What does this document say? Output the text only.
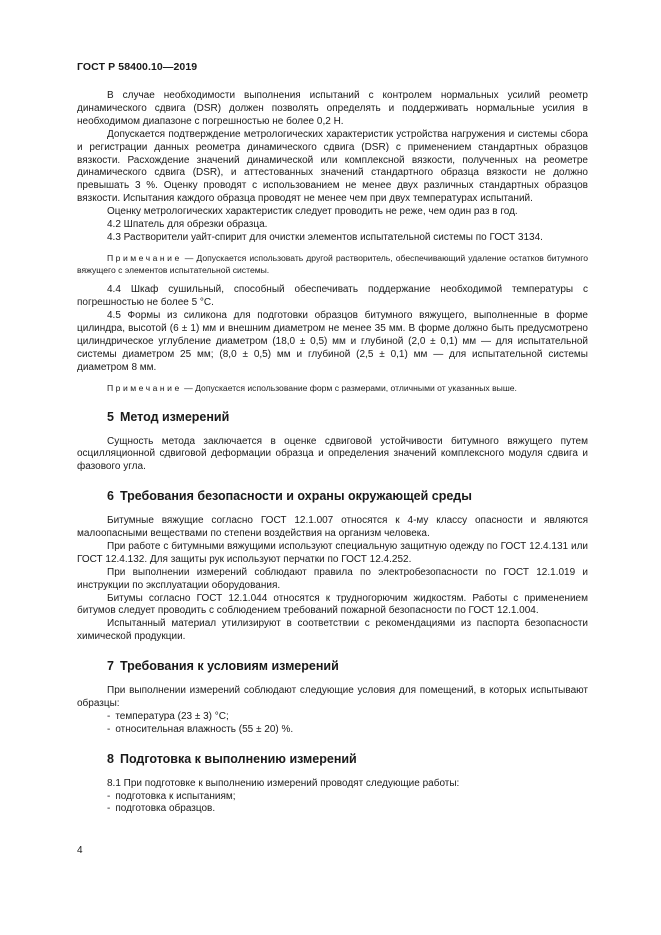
ГОСТ Р 58400.10—2019

В случае необходимости выполнения испытаний с контролем нормальных усилий реометр динамического сдвига (DSR) должен позволять определять и поддерживать нормальные усилия в необходимом диапазоне с погрешностью не более 0,2 Н.

Допускается подтверждение метрологических характеристик устройства нагружения и системы сбора и регистрации данных реометра динамического сдвига (DSR) с применением стандартных образцов вязкости. Расхождение значений динамической или комплексной вязкости, полученных на реометре динамического сдвига (DSR), и аттестованных значений стандартного образца вязкости не должно превышать 3 %. Оценку проводят с использованием не менее двух различных стандартных образцов вязкости. Испытания каждого образца проводят не менее чем при двух температурах испытаний.

Оценку метрологических характеристик следует проводить не реже, чем один раз в год.

4.2 Шпатель для обрезки образца.

4.3 Растворители уайт-спирит для очистки элементов испытательной системы по ГОСТ 3134.

Примечание — Допускается использовать другой растворитель, обеспечивающий удаление остатков битумного вяжущего с элементов испытательной системы.

4.4 Шкаф сушильный, способный обеспечивать поддержание необходимой температуры с погрешностью не более 5 °С.

4.5 Формы из силикона для подготовки образцов битумного вяжущего, выполненные в форме цилиндра, высотой (6 ± 1) мм и внешним диаметром не менее 35 мм. В форме должно быть предусмотрено цилиндрическое углубление диаметром (18,0 ± 0,5) мм и глубиной (2,0 ± 0,1) мм — для испытательной системы диаметром 25 мм; (8,0 ± 0,5) мм и глубиной (2,5 ± 0,1) мм — для испытательной системы диаметром 8 мм.

Примечание — Допускается использование форм с размерами, отличными от указанных выше.
5 Метод измерений

Сущность метода заключается в оценке сдвиговой устойчивости битумного вяжущего путем осцилляционной сдвиговой деформации образца и определения значений комплексного модуля сдвига и фазового угла.

6 Требования безопасности и охраны окружающей среды

Битумные вяжущие согласно ГОСТ 12.1.007 относятся к 4-му классу опасности и являются малоопасными веществами по степени воздействия на организм человека.

При работе с битумными вяжущими используют специальную защитную одежду по ГОСТ 12.4.131 или ГОСТ 12.4.132. Для защиты рук используют перчатки по ГОСТ 12.4.252.

При выполнении измерений соблюдают правила по электробезопасности по ГОСТ 12.1.019 и инструкции по эксплуатации оборудования.

Битумы согласно ГОСТ 12.1.044 относятся к трудногорючим жидкостям. Работы с применением битумов следует проводить с соблюдением требований пожарной безопасности по ГОСТ 12.1.004.

Испытанный материал утилизируют в соответствии с рекомендациями из паспорта безопасности химической продукции.

7 Требования к условиям измерений

При выполнении измерений соблюдают следующие условия для помещений, в которых испытывают образцы:

- температура (23 ± 3) °С;
- относительная влажность (55 ± 20) %.
8 Подготовка к выполнению измерений

8.1 При подготовке к выполнению измерений проводят следующие работы:

- подготовка к испытаниям;
- подготовка образцов.
4
